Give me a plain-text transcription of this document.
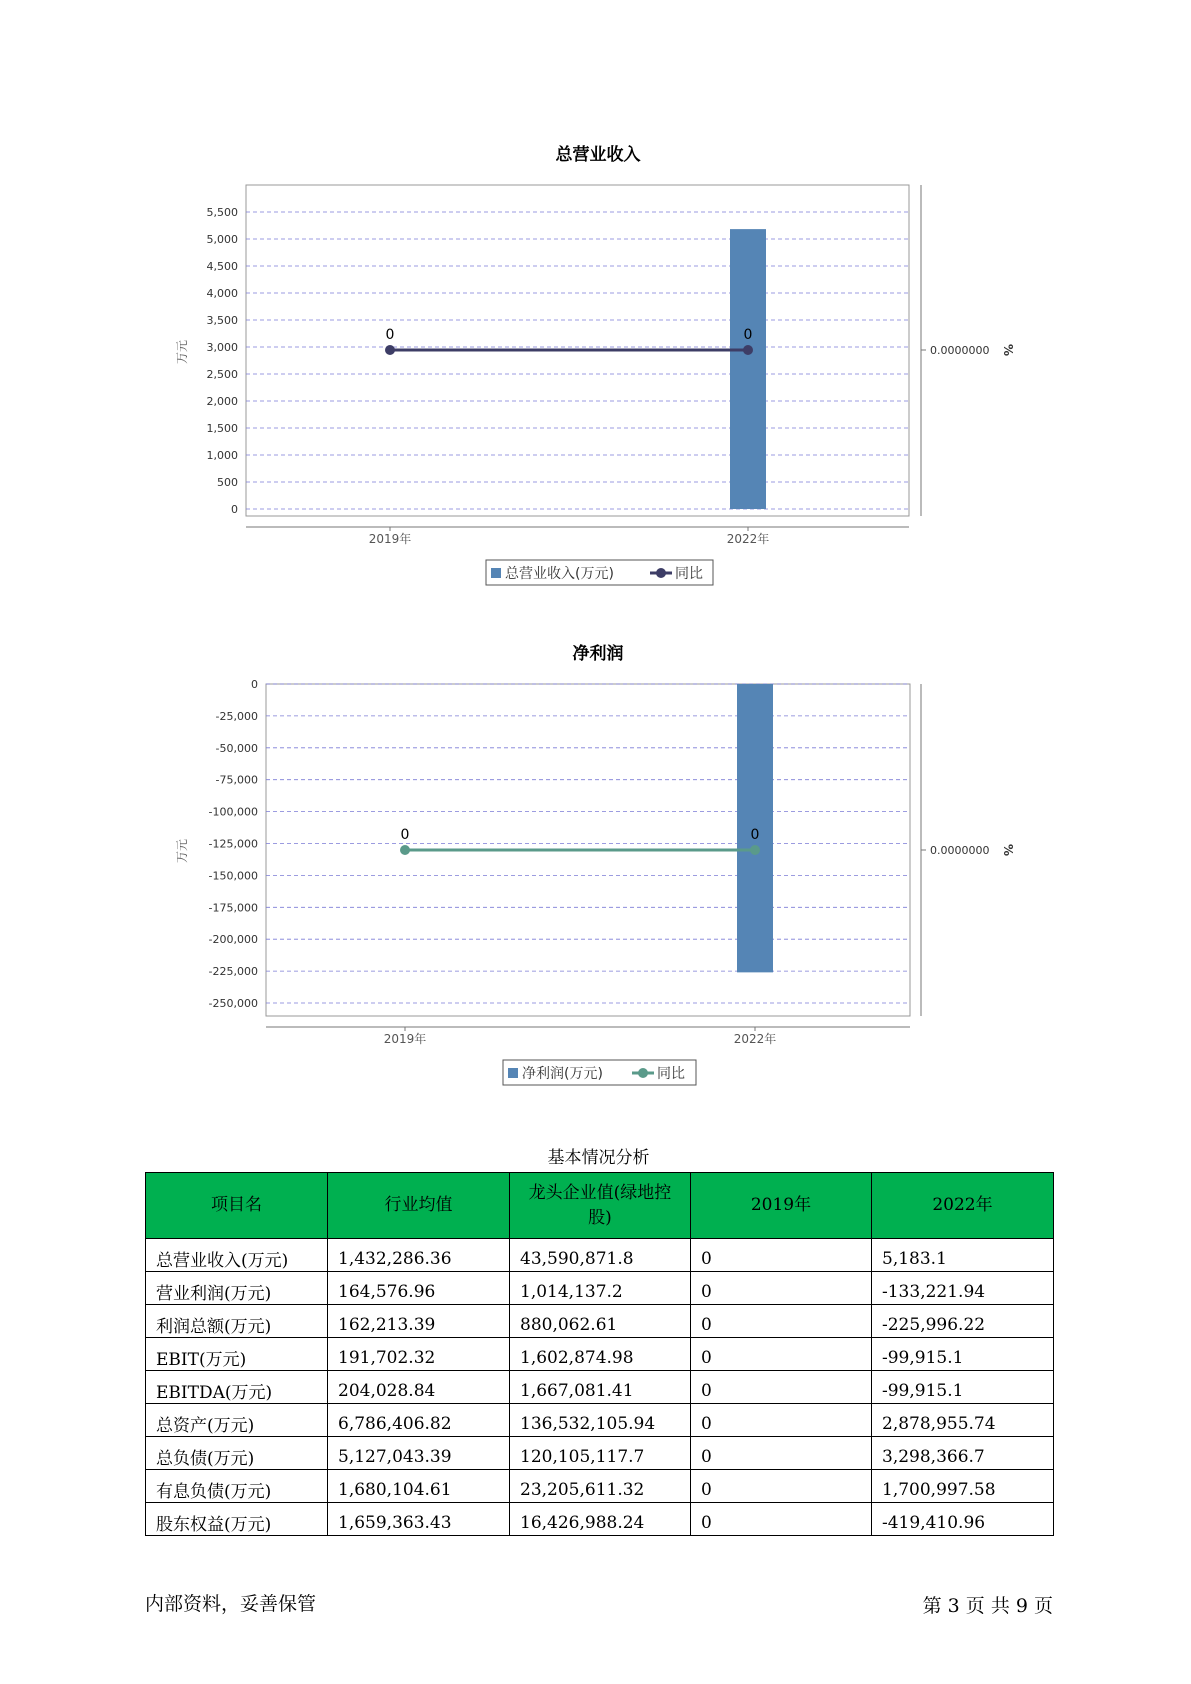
总营业收入
0
500
1,000
1,500
2,000
2,500
3,000
3,500
4,000
4,500
5,000
5,500
万元	0.0000000 %
2019年	2022年
0	0
总营业收入(万元)	同比
净利润
0
-25,000
-50,000
-75,000
-100,000
-125,000
-150,000
-175,000
-200,000
-225,000
-250,000
万元	0.0000000 %
2019年	2022年
0	0
净利润(万元)	同比
基本情况分析
项目名	行业均值	龙头企业值(绿地控股)	2019年	2022年
总营业收入(万元)	1,432,286.36	43,590,871.8	0	5,183.1
营业利润(万元)	164,576.96	1,014,137.2	0	-133,221.94
利润总额(万元)	162,213.39	880,062.61	0	-225,996.22
EBIT(万元)	191,702.32	1,602,874.98	0	-99,915.1
EBITDA(万元)	204,028.84	1,667,081.41	0	-99,915.1
总资产(万元)	6,786,406.82	136,532,105.94	0	2,878,955.74
总负债(万元)	5,127,043.39	120,105,117.7	0	3,298,366.7
有息负债(万元)	1,680,104.61	23,205,611.32	0	1,700,997.58
股东权益(万元)	1,659,363.43	16,426,988.24	0	-419,410.96
内部资料，妥善保管	第 3 页 共 9 页
